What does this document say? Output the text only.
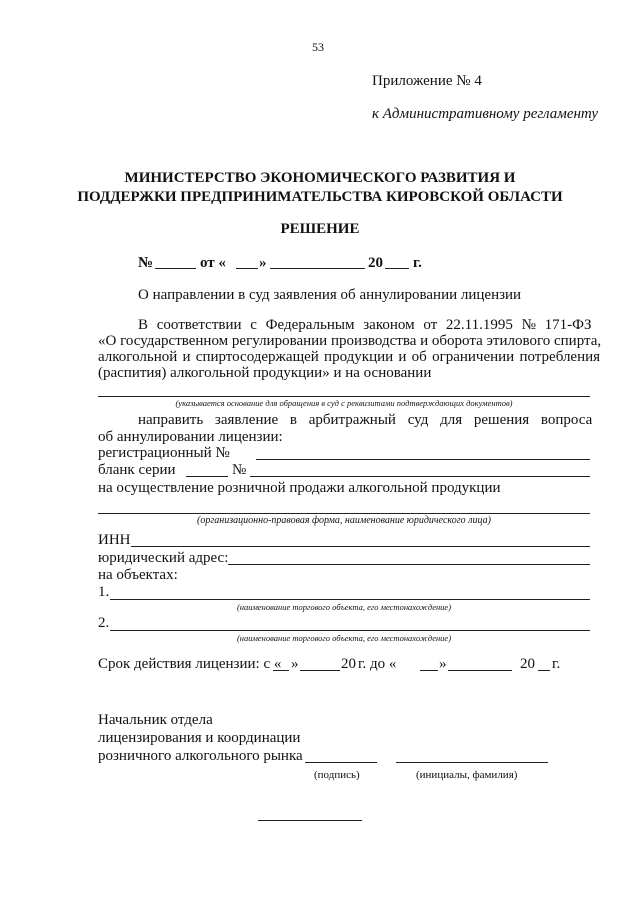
53
Приложение № 4
к Административному регламенту
МИНИСТЕРСТВО ЭКОНОМИЧЕСКОГО РАЗВИТИЯ И
ПОДДЕРЖКИ ПРЕДПРИНИМАТЕЛЬСТВА КИРОВСКОЙ ОБЛАСТИ
РЕШЕНИЕ
№	от « »	20 г.
О направлении в суд заявления об аннулировании лицензии
В соответствии с Федеральным законом от 22.11.1995 № 171-ФЗ
«О государственном регулировании производства и оборота этилового спирта,
алкогольной и спиртосодержащей продукции и об ограничении потребления
(распития) алкогольной продукции» и на основании
(указывается основание для обращения в суд с реквизитами подтверждающих документов)
направить заявление в арбитражный суд для решения вопроса
об аннулировании лицензии:
регистрационный №
бланк серии	№
на осуществление розничной продажи алкогольной продукции
(организационно-правовая форма, наименование юридического лица)
ИНН
юридический адрес:
на объектах:
1.
(наименование торгового объекта, его местонахождение)
2.
(наименование торгового объекта, его местонахождение)
Срок действия лицензии: с « »	20 г. до «	»	20 г.
Начальник отдела
лицензирования и координации
розничного алкогольного рынка
(подпись)	(инициалы, фамилия)
